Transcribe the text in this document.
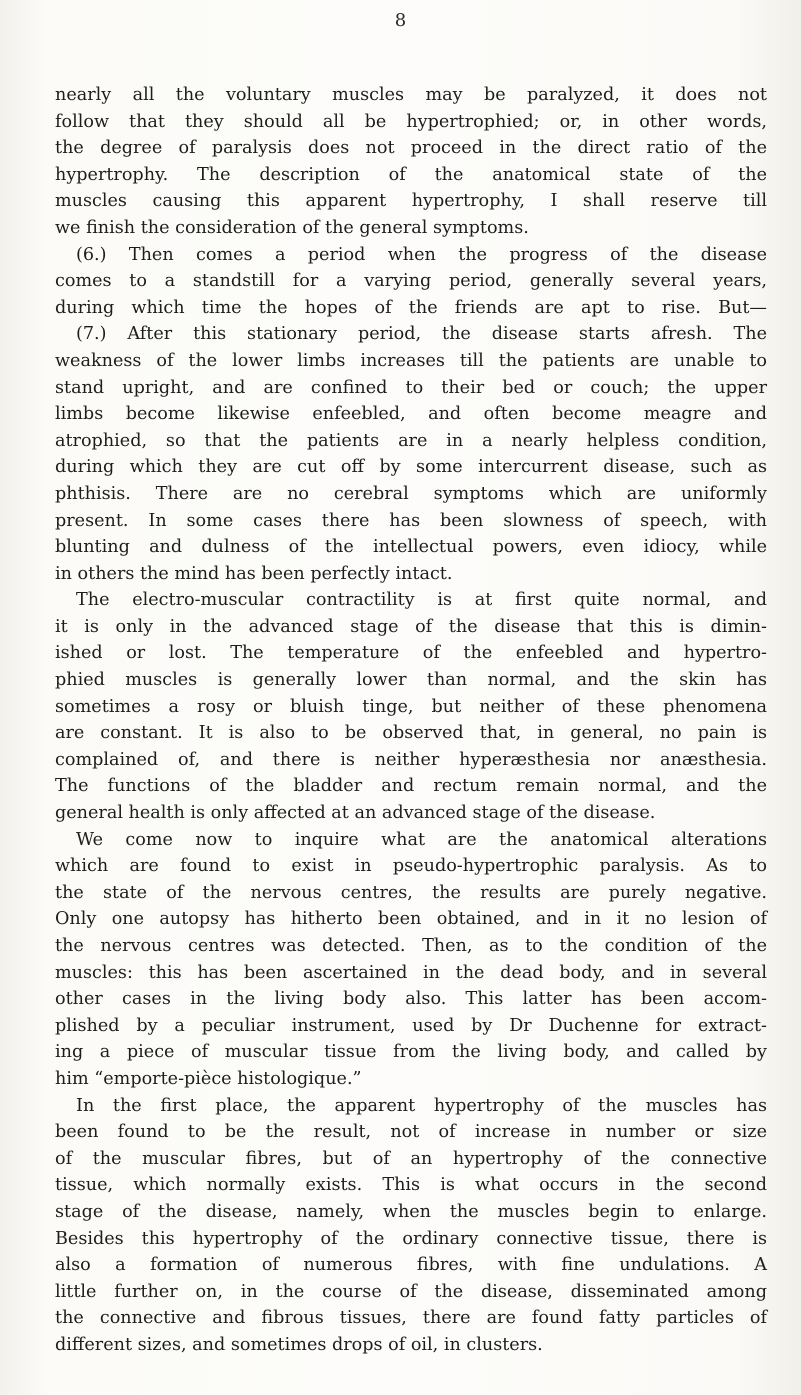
8
nearly all the voluntary muscles may be paralyzed, it does not
follow that they should all be hypertrophied; or, in other words,
the degree of paralysis does not proceed in the direct ratio of the
hypertrophy. The description of the anatomical state of the
muscles causing this apparent hypertrophy, I shall reserve till
we finish the consideration of the general symptoms.
(6.) Then comes a period when the progress of the disease
comes to a standstill for a varying period, generally several years,
during which time the hopes of the friends are apt to rise. But—
(7.) After this stationary period, the disease starts afresh. The
weakness of the lower limbs increases till the patients are unable to
stand upright, and are confined to their bed or couch; the upper
limbs become likewise enfeebled, and often become meagre and
atrophied, so that the patients are in a nearly helpless condition,
during which they are cut off by some intercurrent disease, such as
phthisis. There are no cerebral symptoms which are uniformly
present. In some cases there has been slowness of speech, with
blunting and dulness of the intellectual powers, even idiocy, while
in others the mind has been perfectly intact.
The electro-muscular contractility is at first quite normal, and
it is only in the advanced stage of the disease that this is dimin-
ished or lost. The temperature of the enfeebled and hypertro-
phied muscles is generally lower than normal, and the skin has
sometimes a rosy or bluish tinge, but neither of these phenomena
are constant. It is also to be observed that, in general, no pain is
complained of, and there is neither hyperæsthesia nor anæsthesia.
The functions of the bladder and rectum remain normal, and the
general health is only affected at an advanced stage of the disease.
We come now to inquire what are the anatomical alterations
which are found to exist in pseudo-hypertrophic paralysis. As to
the state of the nervous centres, the results are purely negative.
Only one autopsy has hitherto been obtained, and in it no lesion of
the nervous centres was detected. Then, as to the condition of the
muscles: this has been ascertained in the dead body, and in several
other cases in the living body also. This latter has been accom-
plished by a peculiar instrument, used by Dr Duchenne for extract-
ing a piece of muscular tissue from the living body, and called by
him “emporte-pièce histologique.”
In the first place, the apparent hypertrophy of the muscles has
been found to be the result, not of increase in number or size
of the muscular fibres, but of an hypertrophy of the connective
tissue, which normally exists. This is what occurs in the second
stage of the disease, namely, when the muscles begin to enlarge.
Besides this hypertrophy of the ordinary connective tissue, there is
also a formation of numerous fibres, with fine undulations. A
little further on, in the course of the disease, disseminated among
the connective and fibrous tissues, there are found fatty particles of
different sizes, and sometimes drops of oil, in clusters.
